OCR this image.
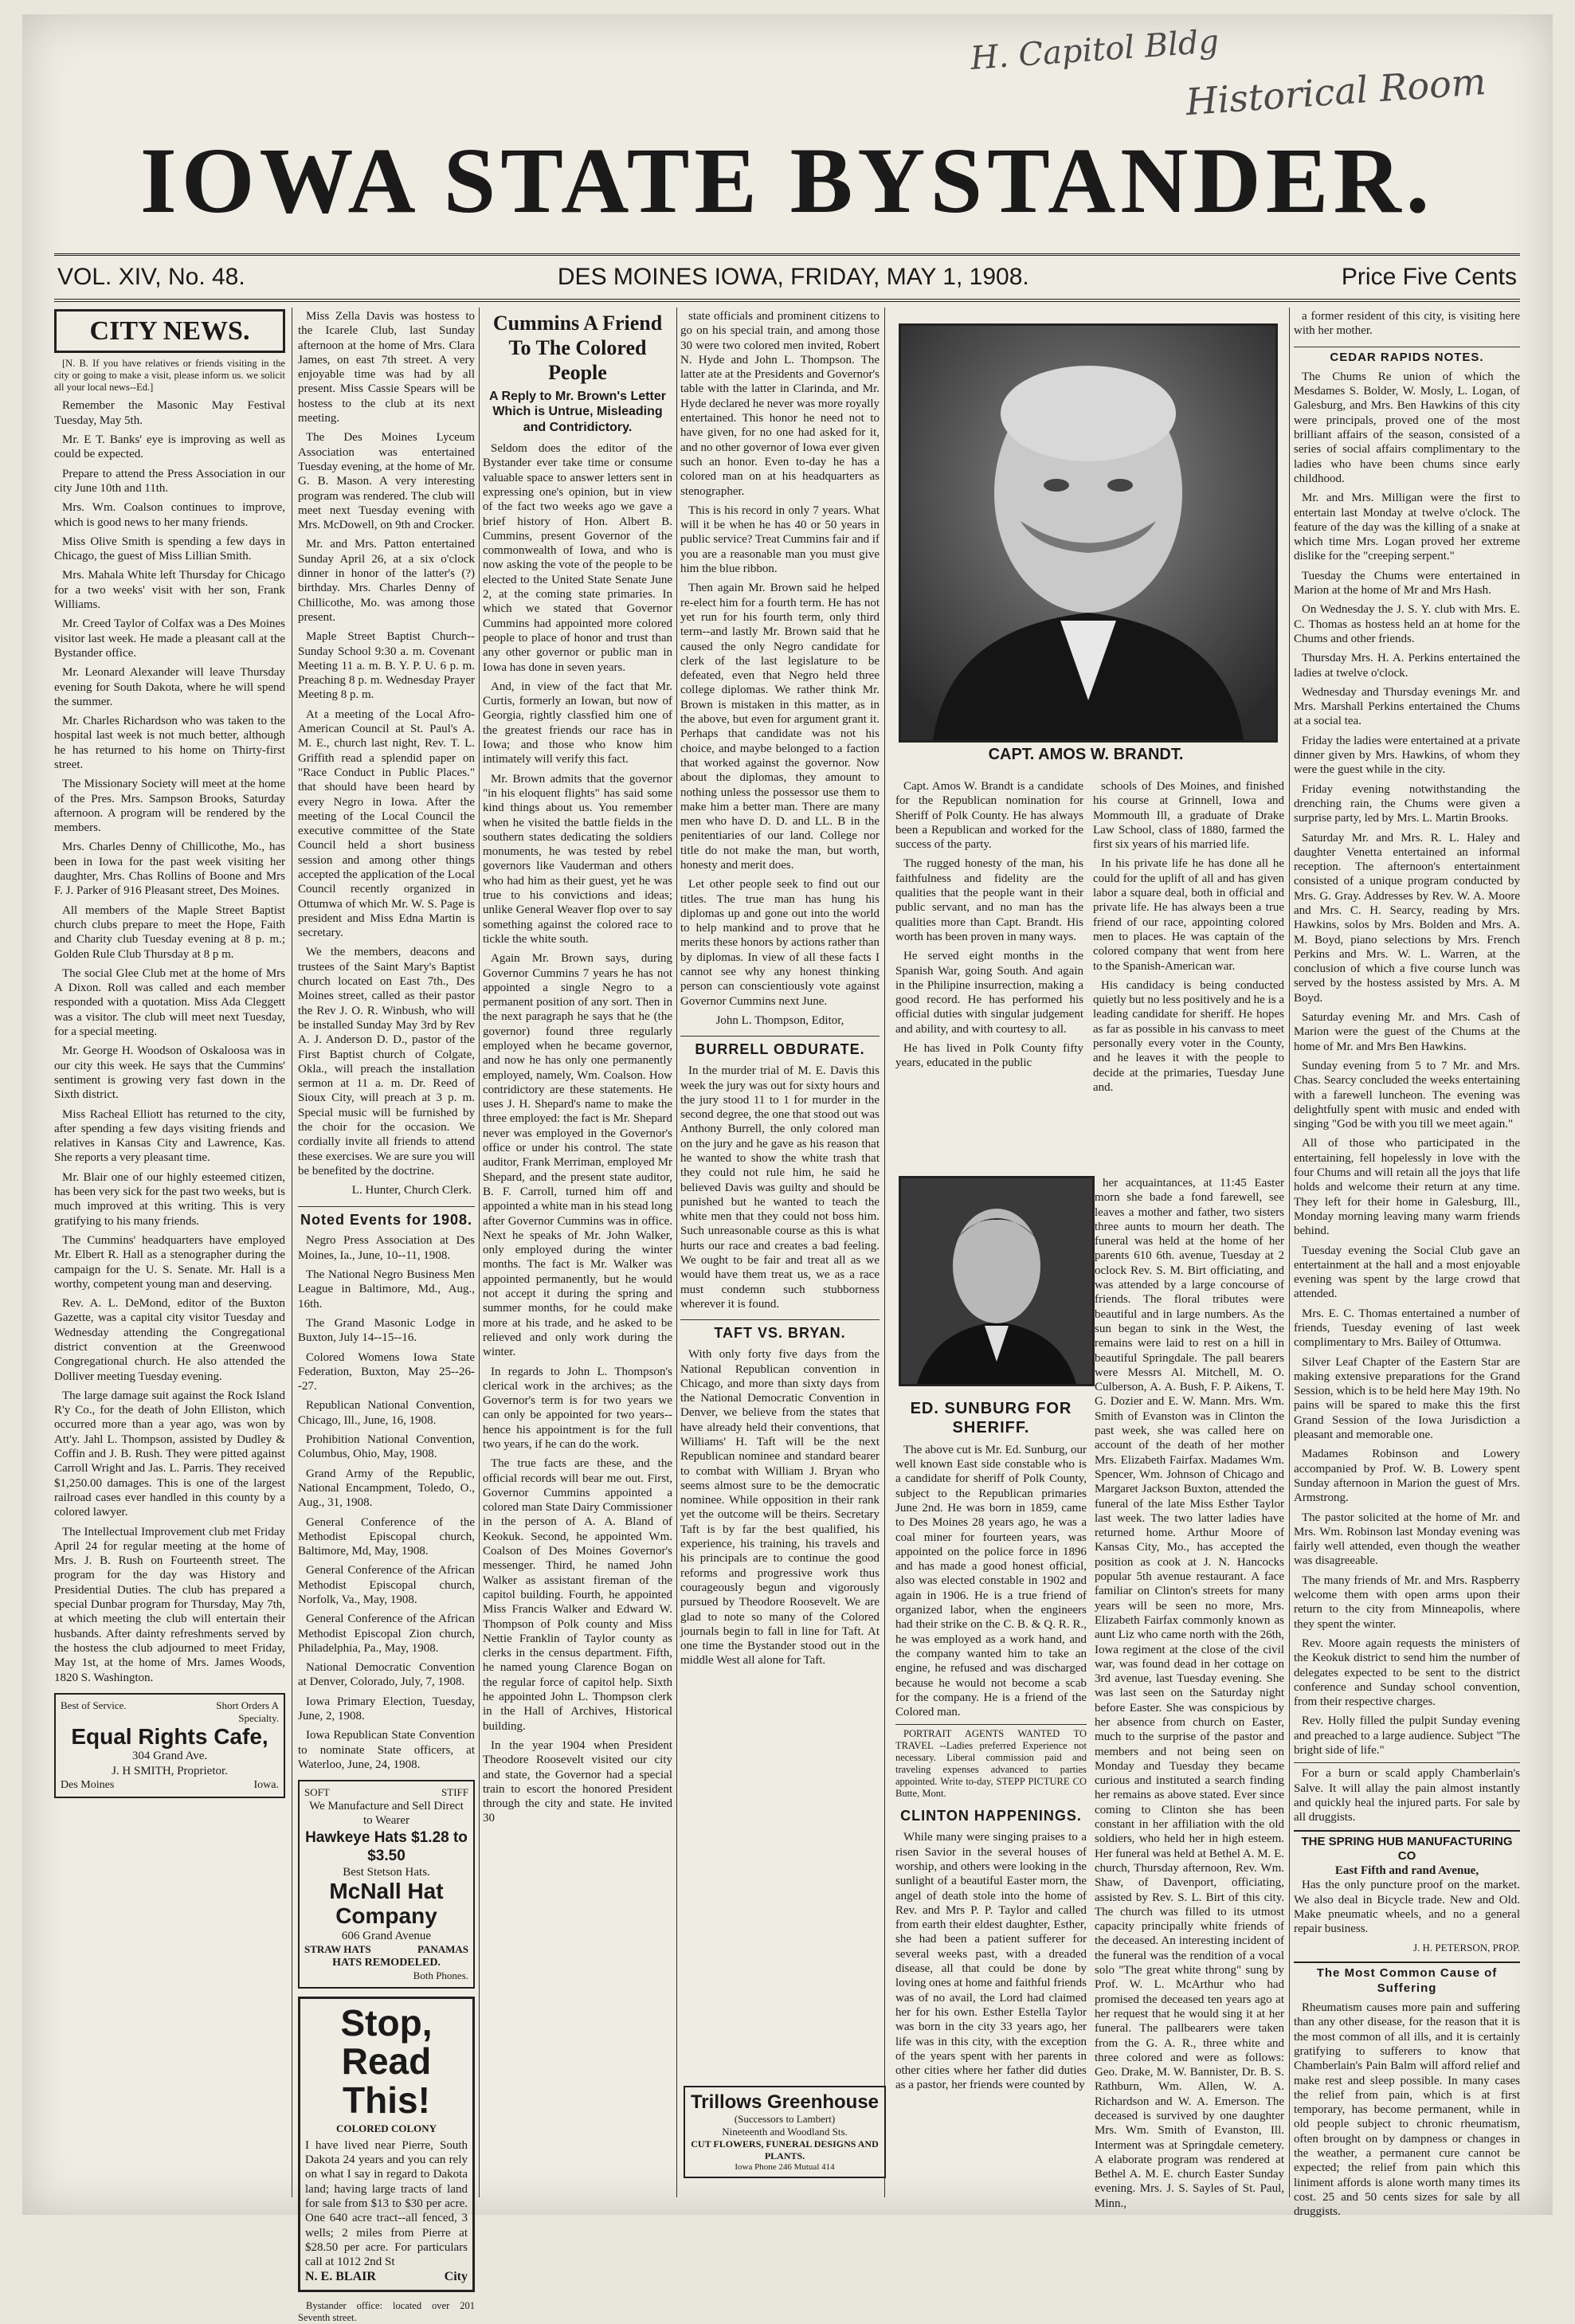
H. Capitol Bldg
Historical Room
IOWA STATE BYSTANDER.
VOL. XIV, No. 48.	DES MOINES IOWA, FRIDAY, MAY 1, 1908.	Price Five Cents
CITY NEWS.

[N. B. If you have relatives or friends visiting in the city or going to make a visit, please inform us. we solicit all your local news--Ed.]

Remember the Masonic May Festival Tuesday, May 5th.

Mr. E T. Banks' eye is improving as well as could be expected.

Prepare to attend the Press Association in our city June 10th and 11th.

Mrs. Wm. Coalson continues to improve, which is good news to her many friends.

Miss Olive Smith is spending a few days in Chicago, the guest of Miss Lillian Smith.

Mrs. Mahala White left Thursday for Chicago for a two weeks' visit with her son, Frank Williams.

Mr. Creed Taylor of Colfax was a Des Moines visitor last week. He made a pleasant call at the Bystander office.

Mr. Leonard Alexander will leave Thursday evening for South Dakota, where he will spend the summer.

Mr. Charles Richardson who was taken to the hospital last week is not much better, although he has returned to his home on Thirty-first street.

The Missionary Society will meet at the home of the Pres. Mrs. Sampson Brooks, Saturday afternoon. A program will be rendered by the members.

Mrs. Charles Denny of Chillicothe, Mo., has been in Iowa for the past week visiting her daughter, Mrs. Chas Rollins of Boone and Mrs F. J. Parker of 916 Pleasant street, Des Moines.

All members of the Maple Street Baptist church clubs prepare to meet the Hope, Faith and Charity club Tuesday evening at 8 p. m.; Golden Rule Club Thursday at 8 p m.

The social Glee Club met at the home of Mrs A Dixon. Roll was called and each member responded with a quotation. Miss Ada Cleggett was a visitor. The club will meet next Tuesday, for a special meeting.

Mr. George H. Woodson of Oskaloosa was in our city this week. He says that the Cummins' sentiment is growing very fast down in the Sixth district.

Miss Racheal Elliott has returned to the city, after spending a few days visiting friends and relatives in Kansas City and Lawrence, Kas. She reports a very pleasant time.

Mr. Blair one of our highly esteemed citizen, has been very sick for the past two weeks, but is much improved at this writing. This is very gratifying to his many friends.

The Cummins' headquarters have employed Mr. Elbert R. Hall as a stenographer during the campaign for the U. S. Senate. Mr. Hall is a worthy, competent young man and deserving.

Rev. A. L. DeMond, editor of the Buxton Gazette, was a capital city visitor Tuesday and Wednesday attending the Congregational district convention at the Greenwood Congregational church. He also attended the Dolliver meeting Tuesday evening.

The large damage suit against the Rock Island R'y Co., for the death of John Elliston, which occurred more than a year ago, was won by Att'y. Jahl L. Thompson, assisted by Dudley & Coffin and J. B. Rush. They were pitted against Carroll Wright and Jas. L. Parris. They received $1,250.00 damages. This is one of the largest railroad cases ever handled in this county by a colored lawyer.

The Intellectual Improvement club met Friday April 24 for regular meeting at the home of Mrs. J. B. Rush on Fourteenth street. The program for the day was History and Presidential Duties. The club has prepared a special Dunbar program for Thursday, May 7th, at which meeting the club will entertain their husbands. After dainty refreshments served by the hostess the club adjourned to meet Friday, May 1st, at the home of Mrs. James Woods, 1820 S. Washington.

Best of Service.	Short Orders A Specialty.
Equal Rights Cafe,
304 Grand Ave.
J. H SMITH, Proprietor.
Des Moines	Iowa.

Miss Zella Davis was hostess to the Icarele Club, last Sunday afternoon at the home of Mrs. Clara James, on east 7th street. A very enjoyable time was had by all present. Miss Cassie Spears will be hostess to the club at its next meeting.

The Des Moines Lyceum Association was entertained Tuesday evening, at the home of Mr. G. B. Mason. A very interesting program was rendered. The club will meet next Tuesday evening with Mrs. McDowell, on 9th and Crocker.

Mr. and Mrs. Patton entertained Sunday April 26, at a six o'clock dinner in honor of the latter's (?) birthday. Mrs. Charles Denny of Chillicothe, Mo. was among those present.

Maple Street Baptist Church-- Sunday School 9:30 a. m. Covenant Meeting 11 a. m. B. Y. P. U. 6 p. m. Preaching 8 p. m. Wednesday Prayer Meeting 8 p. m.

At a meeting of the Local Afro-American Council at St. Paul's A. M. E., church last night, Rev. T. L. Griffith read a splendid paper on "Race Conduct in Public Places." that should have been heard by every Negro in Iowa. After the meeting of the Local Council the executive committee of the State Council held a short business session and among other things accepted the application of the Local Council recently organized in Ottumwa of which Mr. W. S. Page is president and Miss Edna Martin is secretary.

We the members, deacons and trustees of the Saint Mary's Baptist church located on East 7th., Des Moines street, called as their pastor the Rev J. O. R. Winbush, who will be installed Sunday May 3rd by Rev A. J. Anderson D. D., pastor of the First Baptist church of Colgate, Okla., will preach the installation sermon at 11 a. m. Dr. Reed of Sioux City, will preach at 3 p. m. Special music will be furnished by the choir for the occasion. We cordially invite all friends to attend these exercises. We are sure you will be benefited by the doctrine.

L. Hunter, Church Clerk.
Noted Events for 1908.

Negro Press Association at Des Moines, Ia., June, 10--11, 1908.

The National Negro Business Men League in Baltimore, Md., Aug., 16th.

The Grand Masonic Lodge in Buxton, July 14--15--16.

Colored Womens Iowa State Federation, Buxton, May 25--26--27.

Republican National Convention, Chicago, Ill., June, 16, 1908.

Prohibition National Convention, Columbus, Ohio, May, 1908.

Grand Army of the Republic, National Encampment, Toledo, O., Aug., 31, 1908.

General Conference of the Methodist Episcopal church, Baltimore, Md, May, 1908.

General Conference of the African Methodist Episcopal church, Norfolk, Va., May, 1908.

General Conference of the African Methodist Episcopal Zion church, Philadelphia, Pa., May, 1908.

National Democratic Convention at Denver, Colorado, July, 7, 1908.

Iowa Primary Election, Tuesday, June, 2, 1908.

Iowa Republican State Convention to nominate State officers, at Waterloo, June, 24, 1908.

SOFT	STIFF
We Manufacture and Sell Direct to Wearer
Hawkeye Hats $1.28 to $3.50
Best Stetson Hats.
McNall Hat Company
606 Grand Avenue
STRAW HATS	PANAMAS
HATS REMODELED.
Both Phones.
Stop,
Read This!
COLORED COLONY
I have lived near Pierre, South Dakota 24 years and you can rely on what I say in regard to Dakota land; having large tracts of land for sale from $13 to $30 per acre. One 640 acre tract--all fenced, 3 wells; 2 miles from Pierre at $28.50 per acre. For particulars call at 1012 2nd St
N. E. BLAIR	City

Bystander office: located over 201 Seventh street.

Cummins A Friend To The Colored People
A Reply to Mr. Brown's Letter Which is Untrue, Misleading and Contridictory.

Seldom does the editor of the Bystander ever take time or consume valuable space to answer letters sent in expressing one's opinion, but in view of the fact two weeks ago we gave a brief history of Hon. Albert B. Cummins, present Governor of the commonwealth of Iowa, and who is now asking the vote of the people to be elected to the United State Senate June 2, at the coming state primaries. In which we stated that Governor Cummins had appointed more colored people to place of honor and trust than any other governor or public man in Iowa has done in seven years.

And, in view of the fact that Mr. Curtis, formerly an Iowan, but now of Georgia, rightly classfied him one of the greatest friends our race has in Iowa; and those who know him intimately will verify this fact.

Mr. Brown admits that the governor "in his eloquent flights" has said some kind things about us. You remember when he visited the battle fields in the southern states dedicating the soldiers monuments, he was tested by rebel governors like Vauderman and others who had him as their guest, yet he was true to his convictions and ideas; unlike General Weaver flop over to say something against the colored race to tickle the white south.

Again Mr. Brown says, during Governor Cummins 7 years he has not appointed a single Negro to a permanent position of any sort. Then in the next paragraph he says that he (the governor) found three regularly employed when he became governor, and now he has only one permanently employed, namely, Wm. Coalson. How contridictory are these statements. He uses J. H. Shepard's name to make the three employed: the fact is Mr. Shepard never was employed in the Governor's office or under his control. The state auditor, Frank Merriman, employed Mr Shepard, and the present state auditor, B. F. Carroll, turned him off and appointed a white man in his stead long after Governor Cummins was in office. Next he speaks of Mr. John Walker, only employed during the winter months. The fact is Mr. Walker was appointed permanently, but he would not accept it during the spring and summer months, for he could make more at his trade, and he asked to be relieved and only work during the winter.

In regards to John L. Thompson's clerical work in the archives; as the Governor's term is for two years we can only be appointed for two years--hence his appointment is for the full two years, if he can do the work.

The true facts are these, and the official records will bear me out. First, Governor Cummins appointed a colored man State Dairy Commissioner in the person of A. A. Bland of Keokuk. Second, he appointed Wm. Coalson of Des Moines Governor's messenger. Third, he named John Walker as assistant fireman of the capitol building. Fourth, he appointed Miss Francis Walker and Edward W. Thompson of Polk county and Miss Nettie Franklin of Taylor county as clerks in the census department. Fifth, he named young Clarence Bogan on the regular force of capitol help. Sixth he appointed John L. Thompson clerk in the Hall of Archives, Historical building.

In the year 1904 when President Theodore Roosevelt visited our city and state, the Governor had a special train to escort the honored President through the city and state. He invited 30

state officials and prominent citizens to go on his special train, and among those 30 were two colored men invited, Robert N. Hyde and John L. Thompson. The latter ate at the Presidents and Governor's table with the latter in Clarinda, and Mr. Hyde declared he never was more royally entertained. This honor he need not to have given, for no one had asked for it, and no other governor of Iowa ever given such an honor. Even to-day he has a colored man on at his headquarters as stenographer.

This is his record in only 7 years. What will it be when he has 40 or 50 years in public service? Treat Cummins fair and if you are a reasonable man you must give him the blue ribbon.

Then again Mr. Brown said he helped re-elect him for a fourth term. He has not yet run for his fourth term, only third term--and lastly Mr. Brown said that he caused the only Negro candidate for clerk of the last legislature to be defeated, even that Negro held three college diplomas. We rather think Mr. Brown is mistaken in this matter, as in the above, but even for argument grant it. Perhaps that candidate was not his choice, and maybe belonged to a faction that worked against the governor. Now about the diplomas, they amount to nothing unless the possessor use them to make him a better man. There are many men who have D. D. and LL. B in the penitentiaries of our land. College nor title do not make the man, but worth, honesty and merit does.

Let other people seek to find out our titles. The true man has hung his diplomas up and gone out into the world to help mankind and to prove that he merits these honors by actions rather than by diplomas. In view of all these facts I cannot see why any honest thinking person can conscientiously vote against Governor Cummins next June.

John L. Thompson, Editor,
BURRELL OBDURATE.

In the murder trial of M. E. Davis this week the jury was out for sixty hours and the jury stood 11 to 1 for murder in the second degree, the one that stood out was Anthony Burrell, the only colored man on the jury and he gave as his reason that he wanted to show the white trash that they could not rule him, he said he believed Davis was guilty and should be punished but he wanted to teach the white men that they could not boss him. Such unreasonable course as this is what hurts our race and creates a bad feeling. We ought to be fair and treat all as we would have them treat us, we as a race must condemn such stubborness wherever it is found.

TAFT VS. BRYAN.

With only forty five days from the National Republican convention in Chicago, and more than sixty days from the National Democratic Convention in Denver, we believe from the states that have already held their conventions, that Williams' H. Taft will be the next Republican nominee and standard bearer to combat with William J. Bryan who seems almost sure to be the democratic nominee. While opposition in their rank yet the outcome will be theirs. Secretary Taft is by far the best qualified, his experience, his training, his travels and his principals are to continue the good reforms and progressive work thus courageously begun and vigorously pursued by Theodore Roosevelt. We are glad to note so many of the Colored journals begin to fall in line for Taft. At one time the Bystander stood out in the middle West all alone for Taft.

CAPT. AMOS W. BRANDT.

Capt. Amos W. Brandt is a candidate for the Republican nomination for Sheriff of Polk County. He has always been a Republican and worked for the success of the party.

The rugged honesty of the man, his faithfulness and fidelity are the qualities that the people want in their public servant, and no man has the qualities more than Capt. Brandt. His worth has been proven in many ways.

He served eight months in the Spanish War, going South. And again in the Philipine insurrection, making a good record. He has performed his official duties with singular judgement and ability, and with courtesy to all.

He has lived in Polk County fifty years, educated in the public

schools of Des Moines, and finished his course at Grinnell, Iowa and Mommouth Ill, a graduate of Drake Law School, class of 1880, farmed the first six years of his married life.

In his private life he has done all he could for the uplift of all and has given labor a square deal, both in official and private life. He has always been a true friend of our race, appointing colored men to places. He was captain of the colored company that went from here to the Spanish-American war.

His candidacy is being conducted quietly but no less positively and he is a leading candidate for sheriff. He hopes as far as possible in his canvass to meet personally every voter in the County, and he leaves it with the people to decide at the primaries, Tuesday June and.

ED. SUNBURG FOR SHERIFF.

The above cut is Mr. Ed. Sunburg, our well known East side constable who is a candidate for sheriff of Polk County, subject to the Republican primaries June 2nd. He was born in 1859, came to Des Moines 28 years ago, he was a coal miner for fourteen years, was appointed on the police force in 1896 and has made a good honest official, also was elected constable in 1902 and again in 1906. He is a true friend of organized labor, when the engineers had their strike on the C. B. & Q. R. R., he was employed as a work hand, and the company wanted him to take an engine, he refused and was discharged because he would not become a scab for the company. He is a friend of the Colored man.

PORTRAIT AGENTS WANTED TO TRAVEL --Ladies preferred Experience not necessary. Liberal commission paid and traveling expenses advanced to parties appointed. Write to-day, STEPP PICTURE CO Butte, Mont.

CLINTON HAPPENINGS.

While many were singing praises to a risen Savior in the several houses of worship, and others were looking in the sunlight of a beautiful Easter morn, the angel of death stole into the home of Rev. and Mrs P. P. Taylor and called from earth their eldest daughter, Esther, she had been a patient sufferer for several weeks past, with a dreaded disease, all that could be done by loving ones at home and faithful friends was of no avail, the Lord had claimed her for his own. Esther Estella Taylor was born in the city 33 years ago, her life was in this city, with the exception of the years spent with her parents in other cities where her father did duties as a pastor, her friends were counted by

her acquaintances, at 11:45 Easter morn she bade a fond farewell, see leaves a mother and father, two sisters three aunts to mourn her death. The funeral was held at the home of her parents 610 6th. avenue, Tuesday at 2 oclock Rev. S. M. Birt officiating, and was attended by a large concourse of friends. The floral tributes were beautiful and in large numbers. As the sun began to sink in the West, the remains were laid to rest on a hill in beautiful Springdale. The pall bearers were Messrs Al. Mitchell, M. O. Culberson, A. A. Bush, F. P. Aikens, T. G. Dozier and E. W. Mann. Mrs. Wm. Smith of Evanston was in Clinton the past week, she was called here on account of the death of her mother Mrs. Elizabeth Fairfax. Madames Wm. Spencer, Wm. Johnson of Chicago and Margaret Jackson Buxton, attended the funeral of the late Miss Esther Taylor last week. The two latter ladies have returned home. Arthur Moore of Kansas City, Mo., has accepted the position as cook at J. N. Hancocks popular 5th avenue restaurant. A face familiar on Clinton's streets for many years will be seen no more, Mrs. Elizabeth Fairfax commonly known as aunt Liz who came north with the 26th, Iowa regiment at the close of the civil war, was found dead in her cottage on 3rd avenue, last Tuesday evening. She was last seen on the Saturday night before Easter. She was conspicious by her absence from church on Easter, much to the surprise of the pastor and members and not being seen on Monday and Tuesday they became curious and instituted a search finding her remains as above stated. Ever since coming to Clinton she has been constant in her affiliation with the old soldiers, who held her in high esteem. Her funeral was held at Bethel A. M. E. church, Thursday afternoon, Rev. Wm. Shaw, of Davenport, officiating, assisted by Rev. S. L. Birt of this city. The church was filled to its utmost capacity principally white friends of the deceased. An interesting incident of the funeral was the rendition of a vocal solo "The great white throng" sung by Prof. W. L. McArthur who had promised the deceased ten years ago at her request that he would sing it at her funeral. The pallbearers were taken from the G. A. R., three white and three colored and were as follows: Geo. Drake, M. W. Bannister, Dr. B. S. Rathburn, Wm. Allen, W. A. Richardson and W. A. Emerson. The deceased is survived by one daughter Mrs. Wm. Smith of Evanston, Ill. Interment was at Springdale cemetery. A elaborate program was rendered at Bethel A. M. E. church Easter Sunday evening. Mrs. J. S. Sayles of St. Paul, Minn.,

Trillows Greenhouse
(Successors to Lambert)
Nineteenth and Woodland Sts.
CUT FLOWERS, FUNERAL DESIGNS AND PLANTS.
Iowa Phone 246 Mutual 414

a former resident of this city, is visiting here with her mother.

CEDAR RAPIDS NOTES.

The Chums Re union of which the Mesdames S. Bolder, W. Mosly, L. Logan, of Galesburg, and Mrs. Ben Hawkins of this city were principals, proved one of the most brilliant affairs of the season, consisted of a series of social affairs complimentary to the ladies who have been chums since early childhood.

Mr. and Mrs. Milligan were the first to entertain last Monday at twelve o'clock. The feature of the day was the killing of a snake at which time Mrs. Logan proved her extreme dislike for the "creeping serpent."

Tuesday the Chums were entertained in Marion at the home of Mr and Mrs Hash.

On Wednesday the J. S. Y. club with Mrs. E. C. Thomas as hostess held an at home for the Chums and other friends.

Thursday Mrs. H. A. Perkins entertained the ladies at twelve o'clock.

Wednesday and Thursday evenings Mr. and Mrs. Marshall Perkins entertained the Chums at a social tea.

Friday the ladies were entertained at a private dinner given by Mrs. Hawkins, of whom they were the guest while in the city.

Friday evening notwithstanding the drenching rain, the Chums were given a surprise party, led by Mrs. L. Martin Brooks.

Saturday Mr. and Mrs. R. L. Haley and daughter Venetta entertained an informal reception. The afternoon's entertainment consisted of a unique program conducted by Mrs. G. Gray. Addresses by Rev. W. A. Moore and Mrs. C. H. Searcy, reading by Mrs. Hawkins, solos by Mrs. Bolden and Mrs. A. M. Boyd, piano selections by Mrs. French Perkins and Mrs. W. L. Warren, at the conclusion of which a five course lunch was served by the hostess assisted by Mrs. A. M Boyd.

Saturday evening Mr. and Mrs. Cash of Marion were the guest of the Chums at the home of Mr. and Mrs Ben Hawkins.

Sunday evening from 5 to 7 Mr. and Mrs. Chas. Searcy concluded the weeks entertaining with a farewell luncheon. The evening was delightfully spent with music and ended with singing "God be with you till we meet again."

All of those who participated in the entertaining, fell hopelessly in love with the four Chums and will retain all the joys that life holds and welcome their return at any time. They left for their home in Galesburg, Ill., Monday morning leaving many warm friends behind.

Tuesday evening the Social Club gave an entertainment at the hall and a most enjoyable evening was spent by the large crowd that attended.

Mrs. E. C. Thomas entertained a number of friends, Tuesday evening of last week complimentary to Mrs. Bailey of Ottumwa.

Silver Leaf Chapter of the Eastern Star are making extensive preparations for the Grand Session, which is to be held here May 19th. No pains will be spared to make this the first Grand Session of the Iowa Jurisdiction a pleasant and memorable one.

Madames Robinson and Lowery accompanied by Prof. W. B. Lowery spent Sunday afternoon in Marion the guest of Mrs. Armstrong.

The pastor solicited at the home of Mr. and Mrs. Wm. Robinson last Monday evening was fairly well attended, even though the weather was disagreeable.

The many friends of Mr. and Mrs. Raspberry welcome them with open arms upon their return to the city from Minneapolis, where they spent the winter.

Rev. Moore again requests the ministers of the Keokuk district to send him the number of delegates expected to be sent to the district conference and Sunday school convention, from their respective charges.

Rev. Holly filled the pulpit Sunday evening and preached to a large audience. Subject "The bright side of life."

For a burn or scald apply Chamberlain's Salve. It will allay the pain almost instantly and quickly heal the injured parts. For sale by all druggists.

THE SPRING HUB MANUFACTURING CO
East Fifth and rand Avenue,

Has the only puncture proof on the market. We also deal in Bicycle trade. New and Old. Make pneumatic wheels, and no a general repair business.

J. H. PETERSON, PROP.
The Most Common Cause of Suffering

Rheumatism causes more pain and suffering than any other disease, for the reason that it is the most common of all ills, and it is certainly gratifying to sufferers to know that Chamberlain's Pain Balm will afford relief and make rest and sleep possible. In many cases the relief from pain, which is at first temporary, has become permanent, while in old people subject to chronic rheumatism, often brought on by dampness or changes in the weather, a permanent cure cannot be expected; the relief from pain which this liniment affords is alone worth many times its cost. 25 and 50 cents sizes for sale by all druggists.
